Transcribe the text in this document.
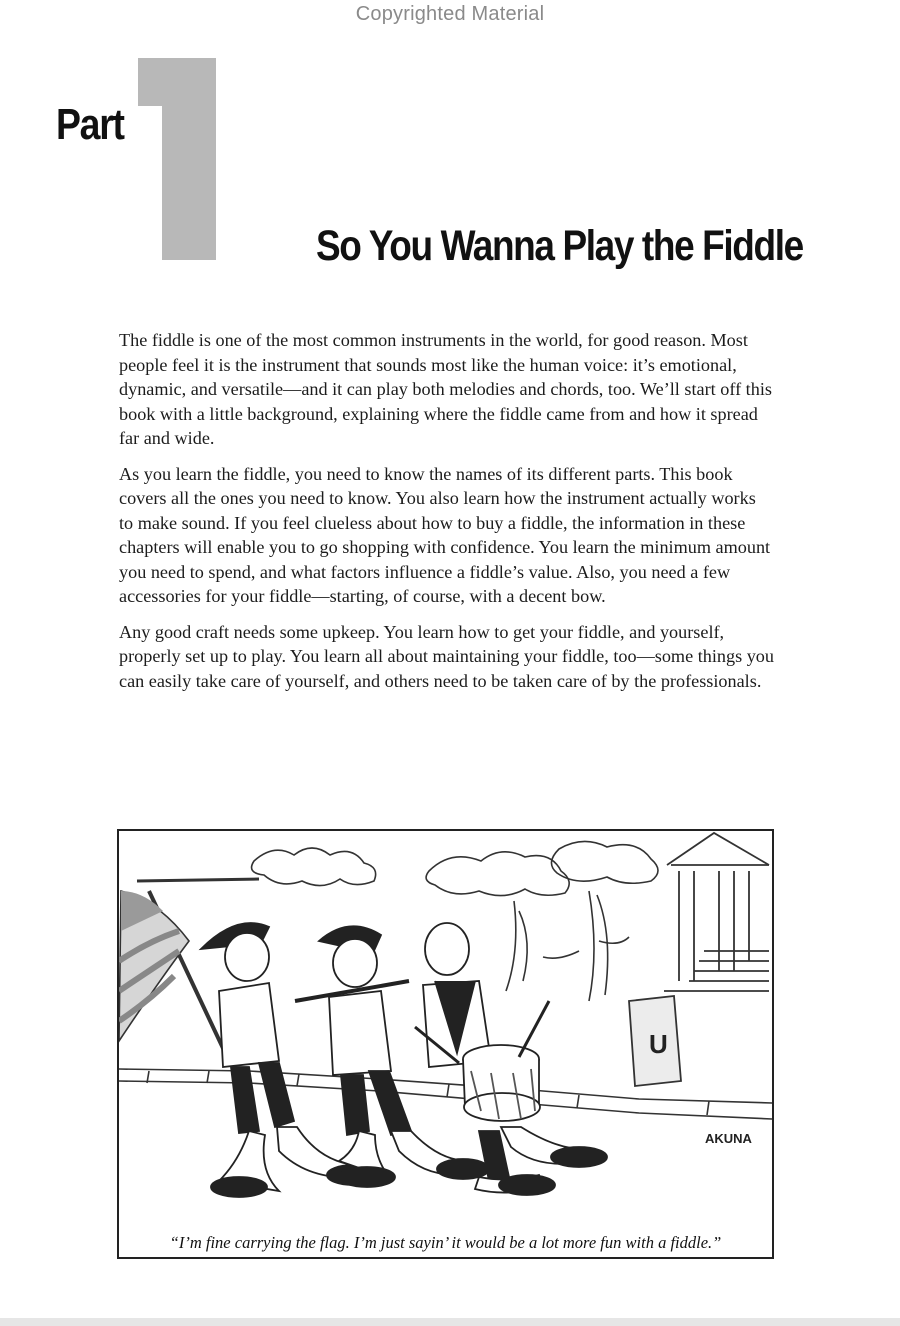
Copyrighted Material
Part
So You Wanna Play the Fiddle

The fiddle is one of the most common instruments in the world, for good reason. Most people feel it is the instrument that sounds most like the human voice: it’s emotional, dynamic, and versatile—and it can play both melodies and chords, too. We’ll start off this book with a little background, explaining where the fiddle came from and how it spread far and wide.

As you learn the fiddle, you need to know the names of its different parts. This book covers all the ones you need to know. You also learn how the instrument actually works to make sound. If you feel clueless about how to buy a fiddle, the information in these chapters will enable you to go shopping with confidence. You learn the minimum amount you need to spend, and what factors influence a fiddle’s value. Also, you need a few accessories for your fiddle—starting, of course, with a decent bow.

Any good craft needs some upkeep. You learn how to get your fiddle, and yourself, properly set up to play. You learn all about maintaining your fiddle, too—some things you can easily take care of yourself, and others need to be taken care of by the professionals.

U
AKUNA
“I’m fine carrying the flag. I’m just sayin’ it would be a lot more fun with a fiddle.”
